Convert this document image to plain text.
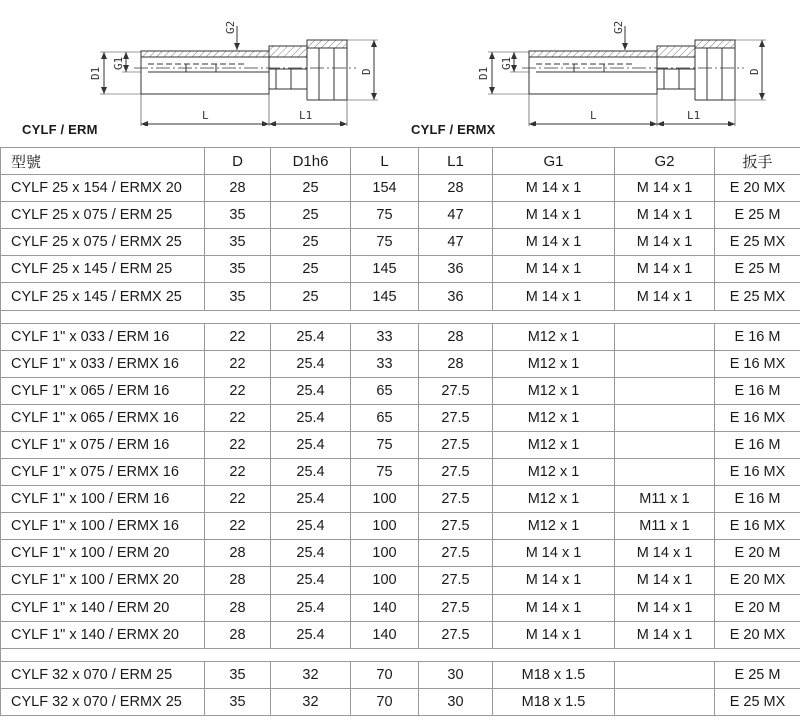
D1
G1
G2
D
L	L1
CYLF / ERM
D1
G1
G2
D
L	L1
CYLF / ERMX
型號	D	D1h6	L	L1	G1	G2	扳手
CYLF 25 x 154 / ERMX 20	28	25	154	28	M 14 x 1	M 14 x 1	E 20 MX
CYLF 25 x 075 / ERM 25	35	25	75	47	M 14 x 1	M 14 x 1	E 25 M
CYLF 25 x 075 / ERMX 25	35	25	75	47	M 14 x 1	M 14 x 1	E 25 MX
CYLF 25 x 145 / ERM 25	35	25	145	36	M 14 x 1	M 14 x 1	E 25 M
CYLF 25 x 145 / ERMX 25	35	25	145	36	M 14 x 1	M 14 x 1	E 25 MX

CYLF 1" x 033 / ERM 16	22	25.4	33	28	M12 x 1		E 16 M
CYLF 1" x 033 / ERMX 16	22	25.4	33	28	M12 x 1		E 16 MX
CYLF 1" x 065 / ERM 16	22	25.4	65	27.5	M12 x 1		E 16 M
CYLF 1" x 065 / ERMX 16	22	25.4	65	27.5	M12 x 1		E 16 MX
CYLF 1" x 075 / ERM 16	22	25.4	75	27.5	M12 x 1		E 16 M
CYLF 1" x 075 / ERMX 16	22	25.4	75	27.5	M12 x 1		E 16 MX
CYLF 1" x 100 / ERM 16	22	25.4	100	27.5	M12 x 1	M11 x 1	E 16 M
CYLF 1" x 100 / ERMX 16	22	25.4	100	27.5	M12 x 1	M11 x 1	E 16 MX
CYLF 1" x 100 / ERM 20	28	25.4	100	27.5	M 14 x 1	M 14 x 1	E 20 M
CYLF 1" x 100 / ERMX 20	28	25.4	100	27.5	M 14 x 1	M 14 x 1	E 20 MX
CYLF 1" x 140 / ERM 20	28	25.4	140	27.5	M 14 x 1	M 14 x 1	E 20 M
CYLF 1" x 140 / ERMX 20	28	25.4	140	27.5	M 14 x 1	M 14 x 1	E 20 MX

CYLF 32 x 070 / ERM 25	35	32	70	30	M18 x 1.5		E 25 M
CYLF 32 x 070 / ERMX 25	35	32	70	30	M18 x 1.5		E 25 MX
